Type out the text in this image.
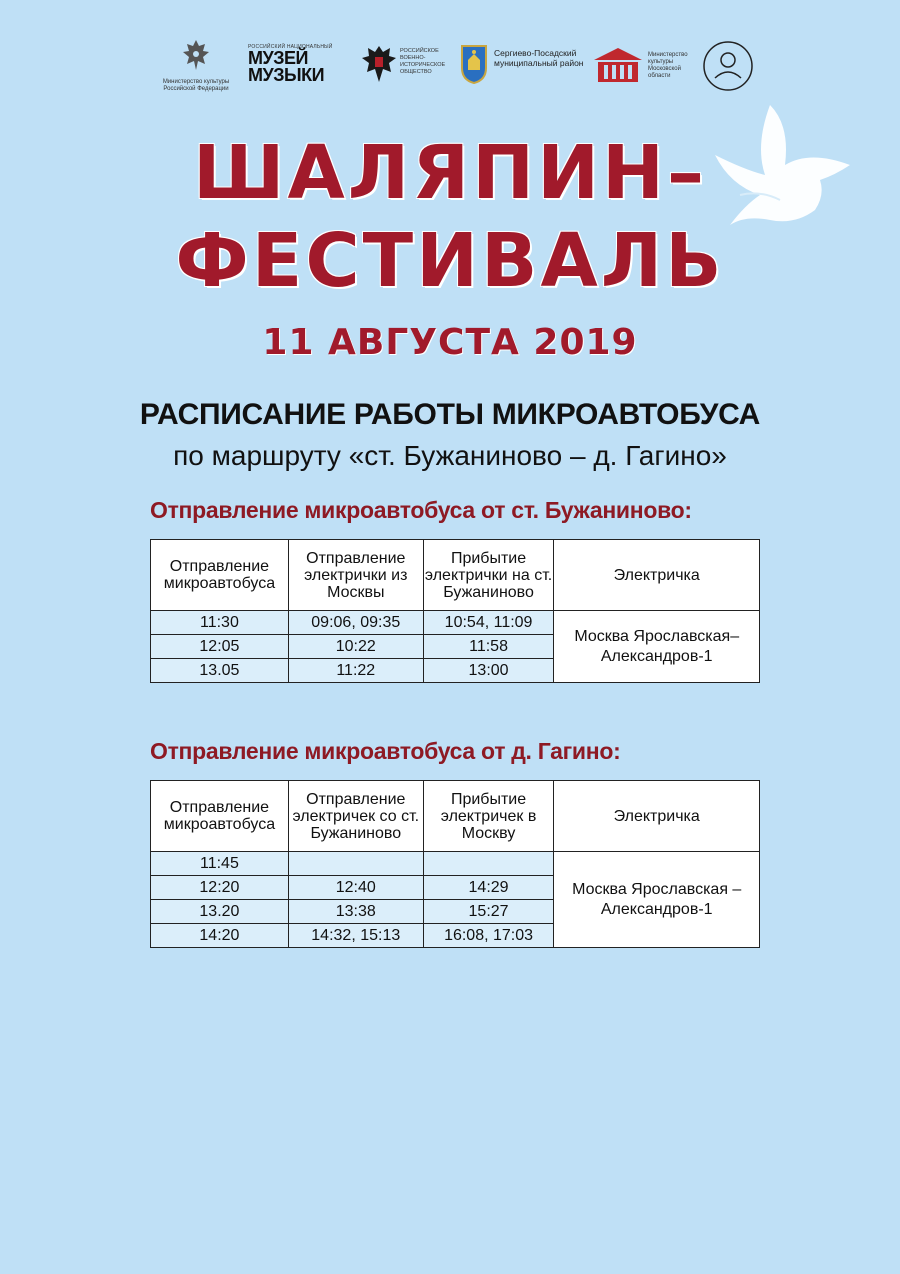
Министерство культуры Российской Федерации
РОССИЙСКИЙ НАЦИОНАЛЬНЫЙ
МУЗЕЙ
МУЗЫКИ
РОССИЙСКОЕ ВОЕННО-ИСТОРИЧЕСКОЕ ОБЩЕСТВО
Сергиево-Посадский муниципальный район
Министерство культуры Московской области
ШАЛЯПИН–
ФЕСТИВАЛЬ
11 АВГУСТА 2019
РАСПИСАНИЕ РАБОТЫ МИКРОАВТОБУСА
по маршруту «ст. Бужаниново – д. Гагино»
Отправление микроавтобуса от ст. Бужаниново:
Отправление микроавтобуса	Отправление электрички из Москвы	Прибытие электрички на ст. Бужаниново	Электричка
11:30	09:06, 09:35	10:54, 11:09	Москва Ярославская– Александров-1
12:05	10:22	11:58	
13.05	11:22	13:00	
Отправление микроавтобуса от д. Гагино:
Отправление микроавтобуса	Отправление электричек со ст. Бужаниново	Прибытие электричек в Москву	Электричка
11:45			Москва Ярославская – Александров-1
12:20	12:40	14:29	
13.20	13:38	15:27	
14:20	14:32, 15:13	16:08, 17:03	
